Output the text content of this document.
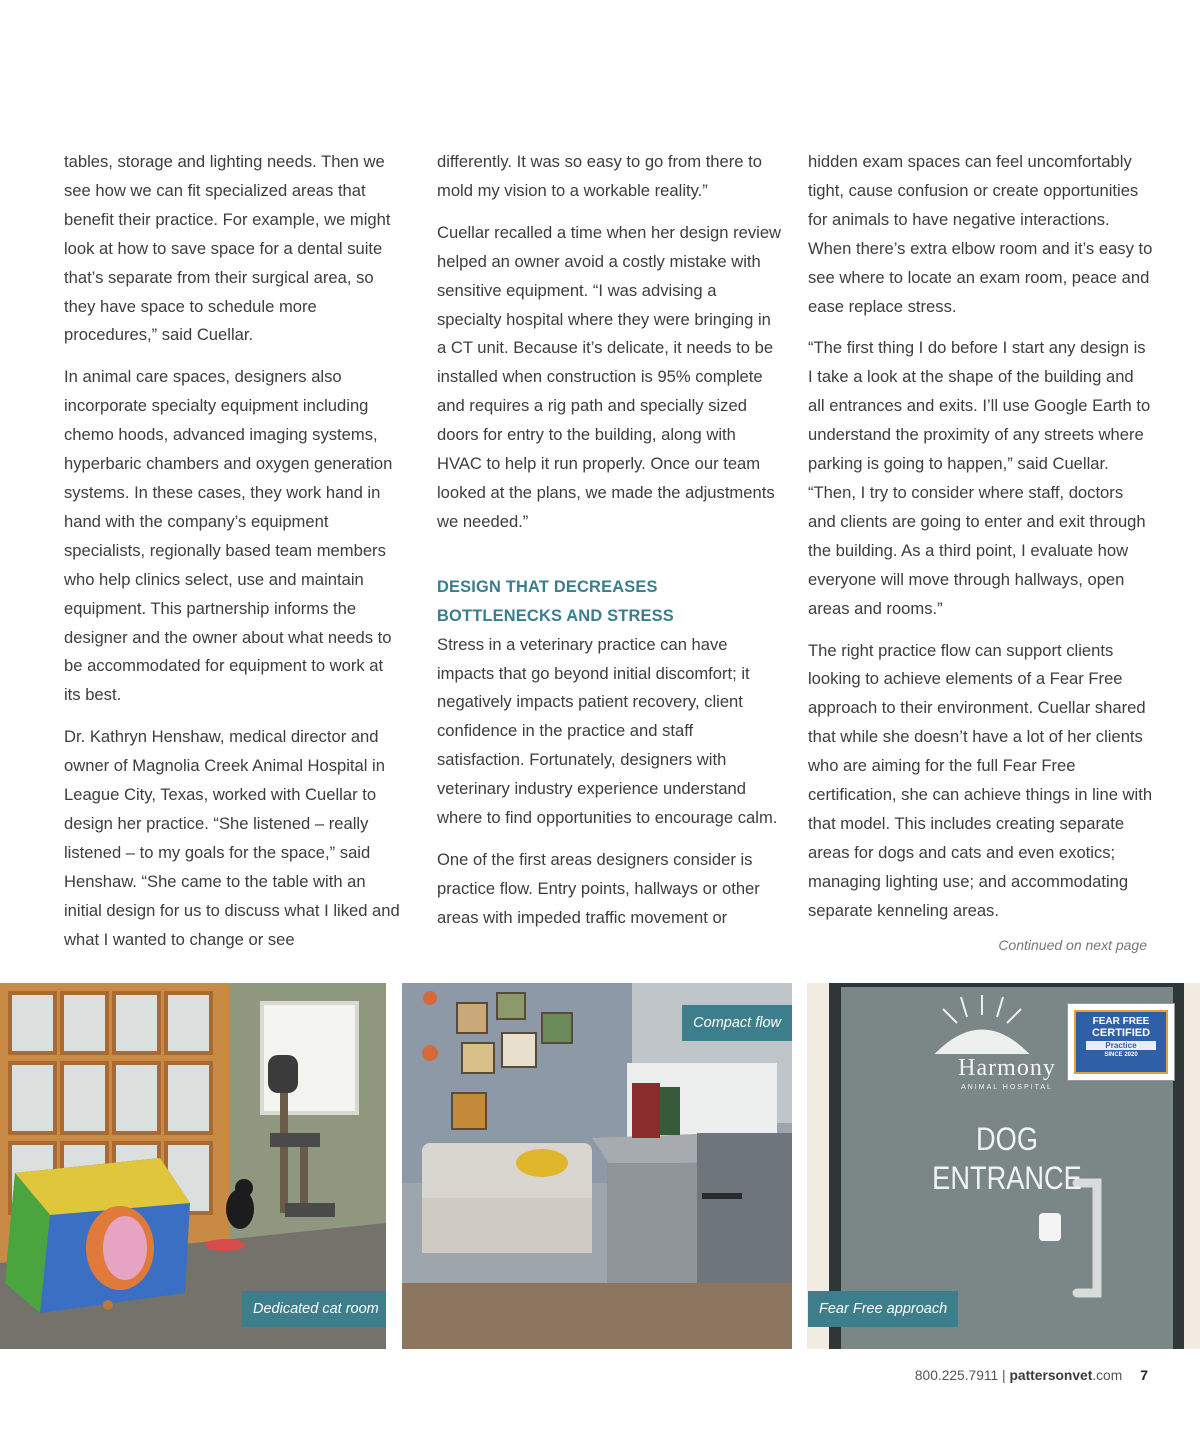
tables, storage and lighting needs. Then we see how we can fit specialized areas that benefit their practice. For example, we might look at how to save space for a dental suite that’s separate from their surgical area, so they have space to schedule more procedures,” said Cuellar.

In animal care spaces, designers also incorporate specialty equipment including chemo hoods, advanced imaging systems, hyperbaric chambers and oxygen generation systems. In these cases, they work hand in hand with the company’s equipment specialists, regionally based team members who help clinics select, use and maintain equipment. This partnership informs the designer and the owner about what needs to be accommodated for equipment to work at its best.

Dr. Kathryn Henshaw, medical director and owner of Magnolia Creek Animal Hospital in League City, Texas, worked with Cuellar to design her practice. “She listened – really listened – to my goals for the space,” said Henshaw. “She came to the table with an initial design for us to discuss what I liked and what I wanted to change or see

differently. It was so easy to go from there to mold my vision to a workable reality.”

Cuellar recalled a time when her design review helped an owner avoid a costly mistake with sensitive equipment. “I was advising a specialty hospital where they were bringing in a CT unit. Because it’s delicate, it needs to be installed when construction is 95% complete and requires a rig path and specially sized doors for entry to the building, along with HVAC to help it run properly. Once our team looked at the plans, we made the adjustments we needed.”

DESIGN THAT DECREASES BOTTLENECKS AND STRESS

Stress in a veterinary practice can have impacts that go beyond initial discomfort; it negatively impacts patient recovery, client confidence in the practice and staff satisfaction. Fortunately, designers with veterinary industry experience understand where to find opportunities to encourage calm.

One of the first areas designers consider is practice flow. Entry points, hallways or other areas with impeded traffic movement or

hidden exam spaces can feel uncomfortably tight, cause confusion or create opportunities for animals to have negative interactions. When there’s extra elbow room and it’s easy to see where to locate an exam room, peace and ease replace stress.

“The first thing I do before I start any design is I take a look at the shape of the building and all entrances and exits. I’ll use Google Earth to understand the proximity of any streets where parking is going to happen,” said Cuellar. “Then, I try to consider where staff, doctors and clients are going to enter and exit through the building. As a third point, I evaluate how everyone will move through hallways, open areas and rooms.”

The right practice flow can support clients looking to achieve elements of a Fear Free approach to their environment. Cuellar shared that while she doesn’t have a lot of her clients who are aiming for the full Fear Free certification, she can achieve things in line with that model. This includes creating separate areas for dogs and cats and even exotics; managing lighting use; and accommodating separate kenneling areas.

Continued on next page
Dedicated cat room
Compact flow
Harmony
ANIMAL HOSPITAL
DOG
ENTRANCE
FEAR FREE
CERTIFIED
Practice
SINCE 2020
Fear Free approach
800.225.7911 | pattersonvet.com 7
